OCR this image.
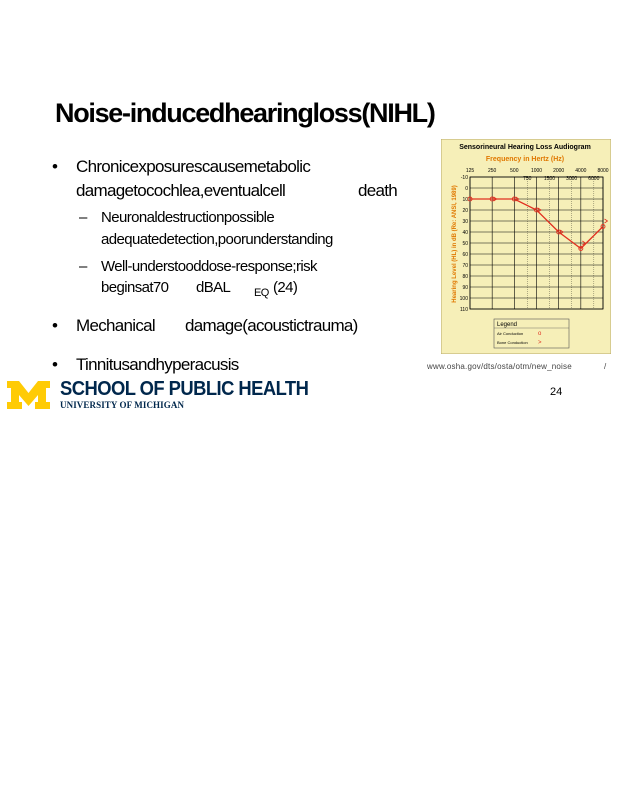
Noise-inducedhearingloss(NIHL)
• Chronicexposurescausemetabolic
damagetocochlea,eventualcell	death
– Neuronaldestructionpossible
adequatedetection,poorunderstanding
– Well-understooddose-response;risk
beginsat70 dBAL EQ (24)
• Mechanical damage(acoustictrauma)
• Tinnitusandhyperacusis
Sensorineural Hearing Loss Audiogram
Frequency in Hertz (Hz)
Hearing Level (HL) in dB (Re: ANSI, 1989)
125	250	500 1000 2000 4000 8000
750 1500 3000 6000
-10
0
10
20
30
40
50
60
70
80
90
100
110
Legend
Air Conduction o
Bone Conduction >
www.osha.gov/dts/osta/otm/new_noise	/
24
SCHOOL OF PUBLIC HEALTH
UNIVERSITY OF MICHIGAN
